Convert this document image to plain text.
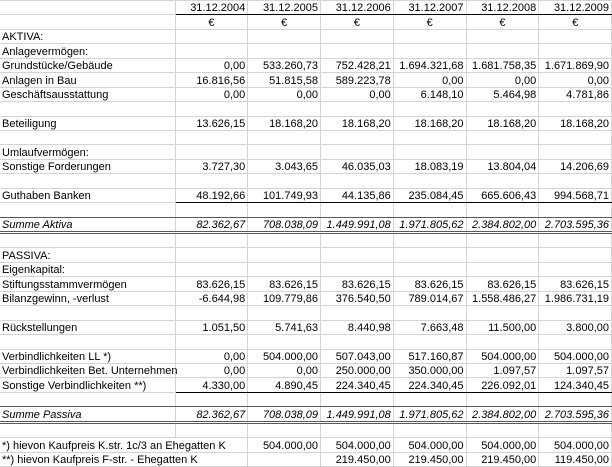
	31.12.2004	31.12.2005	31.12.2006	31.12.2007	31.12.2008	31.12.2009
	€	€	€	€	€	€
AKTIVA:						
Anlagevermögen:						
Grundstücke/Gebäude	0,00	533.260,73	752.428,21	1.694.321,68	1.681.758,35	1.671.869,90
Anlagen in Bau	16.816,56	51.815,58	589.223,78	0,00	0,00	0,00
Geschäftsausstattung	0,00	0,00	0,00	6.148,10	5.464,98	4.781,86

Beteiligung	13.626,15	18.168,20	18.168,20	18.168,20	18.168,20	18.168,20

Umlaufvermögen:						
Sonstige Forderungen	3.727,30	3.043,65	46.035,03	18.083,19	13.804,04	14.206,69

Guthaben Banken	48.192,66	101.749,93	44.135,86	235.084,45	665.606,43	994.568,71

Summe Aktiva	82.362,67	708.038,09	1.449.991,08	1.971.805,62	2.384.802,00	2.703.595,36

PASSIVA:						
Eigenkapital:						
Stiftungsstammvermögen	83.626,15	83.626,15	83.626,15	83.626,15	83.626,15	83.626,15
Bilanzgewinn, -verlust	-6.644,98	109.779,86	376.540,50	789.014,67	1.558.486,27	1.986.731,19

Rückstellungen	1.051,50	5.741,63	8.440,98	7.663,48	11.500,00	3.800,00

Verbindlichkeiten LL *)	0,00	504.000,00	507.043,00	517.160,87	504.000,00	504.000,00
Verbindlichkeiten Bet. Unternehmen	0,00	0,00	250.000,00	350.000,00	1.097,57	1.097,57
Sonstige Verbindlichkeiten **)	4.330,00	4.890,45	224.340,45	224.340,45	226.092,01	124.340,45

Summe Passiva	82.362,67	708.038,09	1.449.991,08	1.971.805,62	2.384.802,00	2.703.595,36

*) hievon Kaufpreis K.str. 1c/3 an Ehegatten K		504.000,00	504.000,00	504.000,00	504.000,00	504.000,00
**) hievon Kaufpreis F-str. - Ehegatten K			219.450,00	219.450,00	219.450,00	119.450,00
